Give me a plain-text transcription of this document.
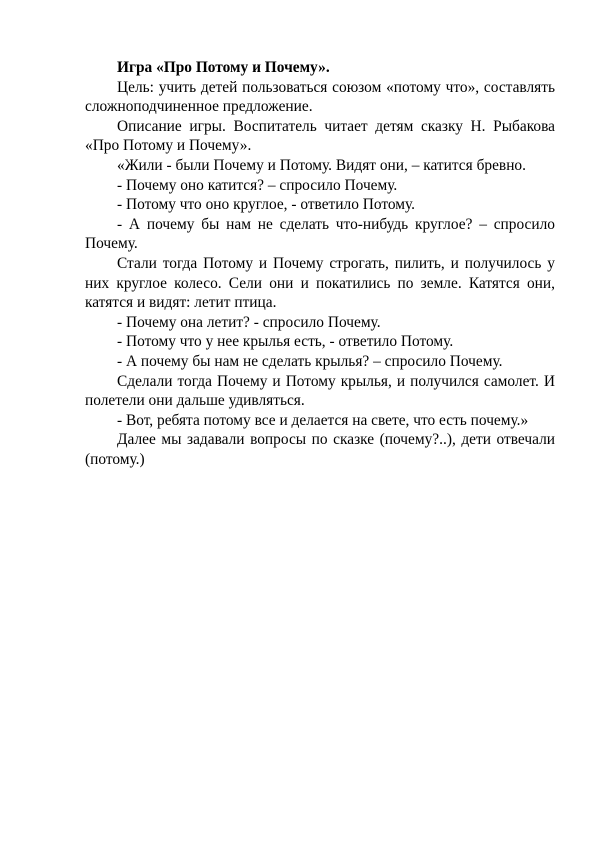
Игра «Про Потому и Почему».

Цель: учить детей пользоваться союзом «потому что», составлять сложноподчиненное предложение.

Описание игры. Воспитатель читает детям сказку Н. Рыбакова «Про Потому и Почему».

«Жили - были Почему и Потому. Видят они, – катится бревно.

- Почему оно катится? – спросило Почему.

- Потому что оно круглое, - ответило Потому.

- А почему бы нам не сделать что-нибудь круглое? – спросило Почему.

Стали тогда Потому и Почему строгать, пилить, и получилось у них круглое колесо. Сели они и покатились по земле. Катятся они, катятся и видят: летит птица.

- Почему она летит? - спросило Почему.

- Потому что у нее крылья есть, - ответило Потому.

- А почему бы нам не сделать крылья? – спросило Почему.

Сделали тогда Почему и Потому крылья, и получился самолет. И полетели они дальше удивляться.

- Вот, ребята потому все и делается на свете, что есть почему.»

Далее мы задавали вопросы по сказке (почему?..), дети отвечали (потому.)
